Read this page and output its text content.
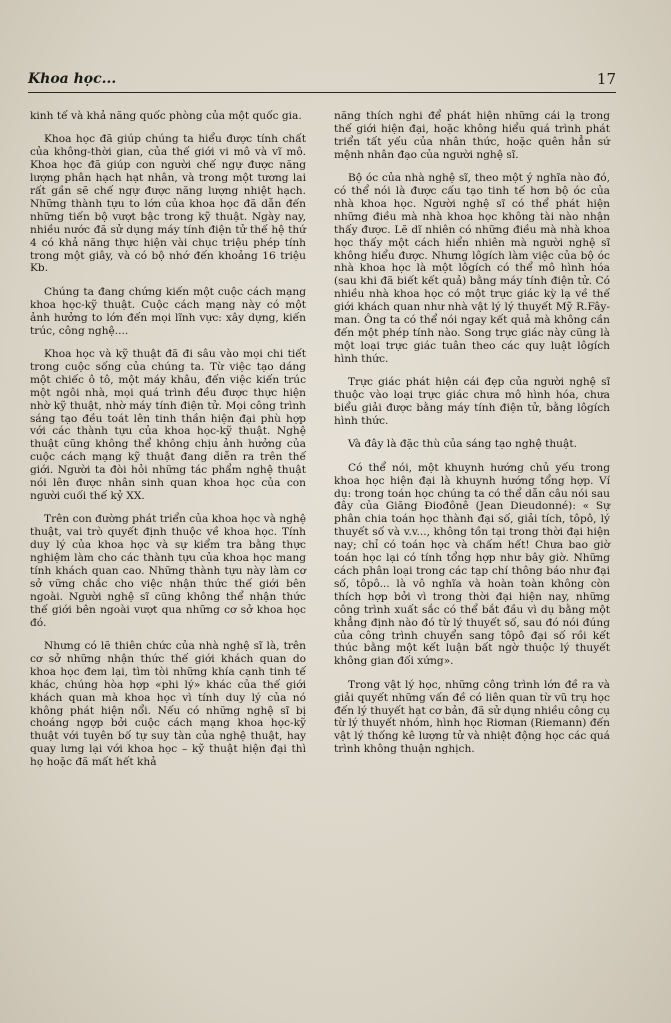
Khoa học...	17

kinh tế và khả năng quốc phòng của một quốc gia.

Khoa học đã giúp chúng ta hiểu được tính chất của không-thời gian, của thế giới vi mô và vĩ mô. Khoa học đã giúp con người chế ngự được năng lượng phân hạch hạt nhân, và trong một tương lai rất gần sẽ chế ngự được năng lượng nhiệt hạch. Những thành tựu to lớn của khoa học đã dẫn đến những tiến bộ vượt bậc trong kỹ thuật. Ngày nay, nhiều nước đã sử dụng máy tính điện tử thế hệ thứ 4 có khả năng thực hiện vài chục triệu phép tính trong một giây, và có bộ nhớ đến khoảng 16 triệu Kb.

Chúng ta đang chứng kiến một cuộc cách mạng khoa học-kỹ thuật. Cuộc cách mạng này có một ảnh hưởng to lớn đến mọi lĩnh vực: xây dựng, kiến trúc, công nghệ....

Khoa học và kỹ thuật đã đi sâu vào mọi chi tiết trong cuộc sống của chúng ta. Từ việc tạo dáng một chiếc ô tô, một máy khâu, đến việc kiến trúc một ngôi nhà, mọi quá trình đều được thực hiện nhờ kỹ thuật, nhờ máy tính điện tử. Mọi công trình sáng tạo đều toát lên tinh thần hiện đại phù hợp với các thành tựu của khoa học-kỹ thuật. Nghệ thuật cũng không thể không chịu ảnh hưởng của cuộc cách mạng kỹ thuật đang diễn ra trên thế giới. Người ta đòi hỏi những tác phẩm nghệ thuật nói lên được nhân sinh quan khoa học của con người cuối thế kỷ XX.

Trên con đường phát triển của khoa học và nghệ thuật, vai trò quyết định thuộc về khoa học. Tính duy lý của khoa học và sự kiểm tra bằng thực nghiệm làm cho các thành tựu của khoa học mang tính khách quan cao. Những thành tựu này làm cơ sở vững chắc cho việc nhận thức thế giới bên ngoài. Người nghệ sĩ cũng không thể nhận thức thế giới bên ngoài vượt qua những cơ sở khoa học đó.

Nhưng có lẽ thiên chức của nhà nghệ sĩ là, trên cơ sở những nhận thức thế giới khách quan do khoa học đem lại, tìm tòi những khía cạnh tinh tế khác, chúng hòa hợp «phi lý» khác của thế giới khách quan mà khoa học vì tính duy lý của nó không phát hiện nổi. Nếu có những nghệ sĩ bị choáng ngợp bởi cuộc cách mạng khoa học-kỹ thuật với tuyên bố tự suy tàn của nghệ thuật, hay quay lưng lại với khoa học – kỹ thuật hiện đại thì họ hoặc đã mất hết khả

năng thích nghi để phát hiện những cái lạ trong thế giới hiện đại, hoặc không hiểu quá trình phát triển tất yếu của nhân thức, hoặc quên hẳn sứ mệnh nhân đạo của người nghệ sĩ.

Bộ óc của nhà nghệ sĩ, theo một ý nghĩa nào đó, có thể nói là được cấu tạo tinh tế hơn bộ óc của nhà khoa học. Người nghệ sĩ có thể phát hiện những điều mà nhà khoa học không tài nào nhận thấy được. Lẽ dĩ nhiên có những điều mà nhà khoa học thấy một cách hiển nhiên mà người nghệ sĩ không hiểu được. Nhưng lôgích làm việc của bộ óc nhà khoa học là một lôgích có thể mô hình hóa (sau khi đã biết kết quả) bằng máy tính điện tử. Có nhiều nhà khoa học có một trực giác kỳ lạ về thế giới khách quan như nhà vật lý lý thuyết Mỹ R.Fây-man. Ông ta có thể nói ngay kết quả mà không cần đến một phép tính nào. Song trực giác này cũng là một loại trực giác tuân theo các quy luật lôgích hình thức.

Trực giác phát hiện cái đẹp của người nghệ sĩ thuộc vào loại trực giác chưa mô hình hóa, chưa biểu giải được bằng máy tính điện tử, bằng lôgích hình thức.

Và đây là đặc thù của sáng tạo nghệ thuật.

Có thể nói, một khuynh hướng chủ yếu trong khoa học hiện đại là khuynh hướng tổng hợp. Ví dụ: trong toán học chúng ta có thể dẫn câu nói sau đây của Giăng Điođônê (Jean Dieudonné): « Sự phân chia toán học thành đại số, giải tích, tôpô, lý thuyết số và v.v..., không tồn tại trong thời đại hiện nay; chỉ có toán học và chấm hết! Chưa bao giờ toán học lại có tính tổng hợp như bây giờ. Những cách phân loại trong các tạp chí thông báo như đại số, tôpô... là vô nghĩa và hoàn toàn không còn thích hợp bởi vì trong thời đại hiện nay, những công trình xuất sắc có thể bắt đầu vì dụ bằng một khẳng định nào đó từ lý thuyết số, sau đó nói đúng của công trình chuyển sang tôpô đại số rồi kết thúc bằng một kết luận bất ngờ thuộc lý thuyết không gian đối xứng».

Trong vật lý học, những công trình lớn đề ra và giải quyết những vấn đề có liên quan từ vũ trụ học đến lý thuyết hạt cơ bản, đã sử dụng nhiều công cụ từ lý thuyết nhóm, hình học Riơman (Riemann) đến vật lý thống kê lượng tử và nhiệt động học các quá trình không thuận nghịch.
